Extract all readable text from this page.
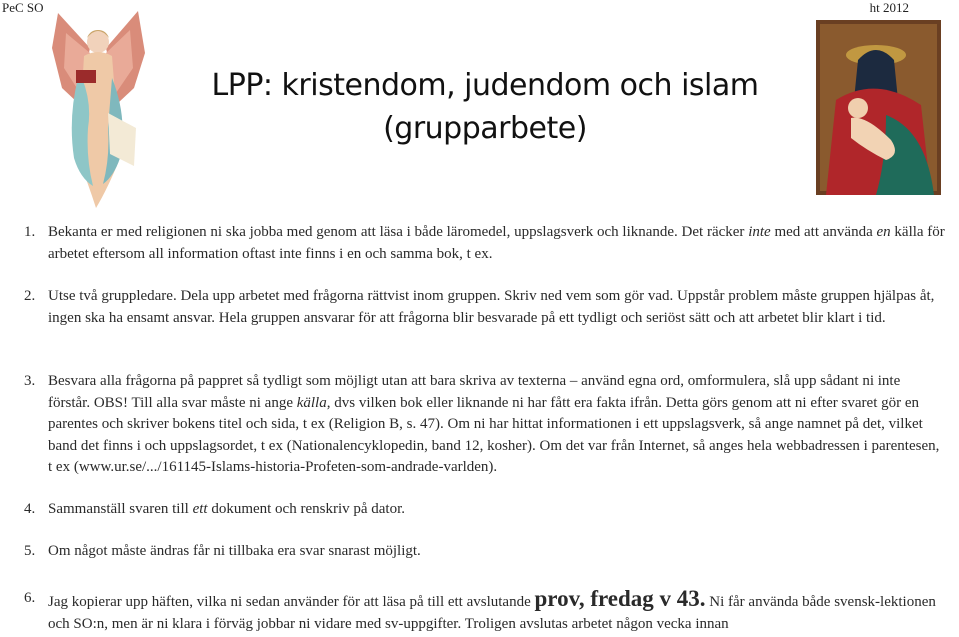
PeC SO	ht 2012
LPP: kristendom, judendom och islam
(grupparbete)
1. Bekanta er med religionen ni ska jobba med genom att läsa i både läromedel, uppslagsverk och liknande. Det räcker inte med att använda en källa för arbetet eftersom all information oftast inte finns i en och samma bok, t ex.
2. Utse två gruppledare. Dela upp arbetet med frågorna rättvist inom gruppen. Skriv ned vem som gör vad. Uppstår problem måste gruppen hjälpas åt, ingen ska ha ensamt ansvar. Hela gruppen ansvarar för att frågorna blir besvarade på ett tydligt och seriöst sätt och att arbetet blir klart i tid.
3. Besvara alla frågorna på pappret så tydligt som möjligt utan att bara skriva av texterna – använd egna ord, omformulera, slå upp sådant ni inte förstår. OBS! Till alla svar måste ni ange källa, dvs vilken bok eller liknande ni har fått era fakta ifrån. Detta görs genom att ni efter svaret gör en parentes och skriver bokens titel och sida, t ex (Religion B, s. 47). Om ni har hittat informationen i ett uppslagsverk, så ange namnet på det, vilket band det finns i och uppslagsordet, t ex (Nationalencyklopedin, band 12, kosher). Om det var från Internet, så anges hela webbadressen i parentesen, t ex (www.ur.se/.../161145-Islams-historia-Profeten-som-andrade-varlden).
4. Sammanställ svaren till ett dokument och renskriv på dator.
5. Om något måste ändras får ni tillbaka era svar snarast möjligt.
6. Jag kopierar upp häften, vilka ni sedan använder för att läsa på till ett avslutande prov, fredag v 43. Ni får använda både svensk-lektionen och SO:n, men är ni klara i förväg jobbar ni vidare med sv-uppgifter. Troligen avslutas arbetet någon vecka innan
